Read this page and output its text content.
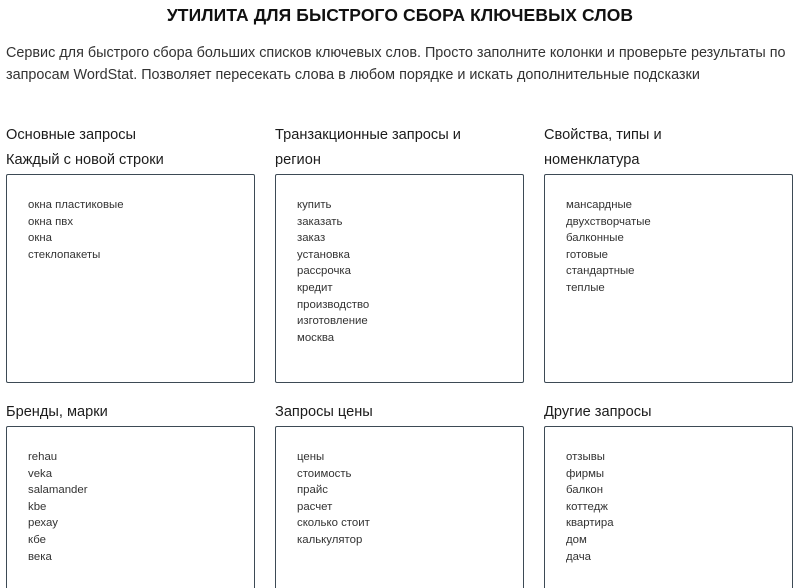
УТИЛИТА ДЛЯ БЫСТРОГО СБОРА КЛЮЧЕВЫХ СЛОВ

Сервис для быстрого сбора больших списков ключевых слов. Просто заполните колонки и проверьте результаты по запросам WordStat. Позволяет пересекать слова в любом порядке и искать дополнительные подсказки

Основные запросы
Каждый с новой строки
окна пластиковые
окна пвх
окна
стеклопакеты
Транзакционные запросы и
регион
купить
заказать
заказ
установка
рассрочка
кредит
производство
изготовление
москва
Свойства, типы и
номенклатура
мансардные
двухстворчатые
балконные
готовые
стандартные
теплые
Бренды, марки
rehau
veka
salamander
kbe
рехау
кбе
века
Запросы цены
цены
стоимость
прайс
расчет
сколько стоит
калькулятор
Другие запросы
отзывы
фирмы
балкон
коттедж
квартира
дом
дача
